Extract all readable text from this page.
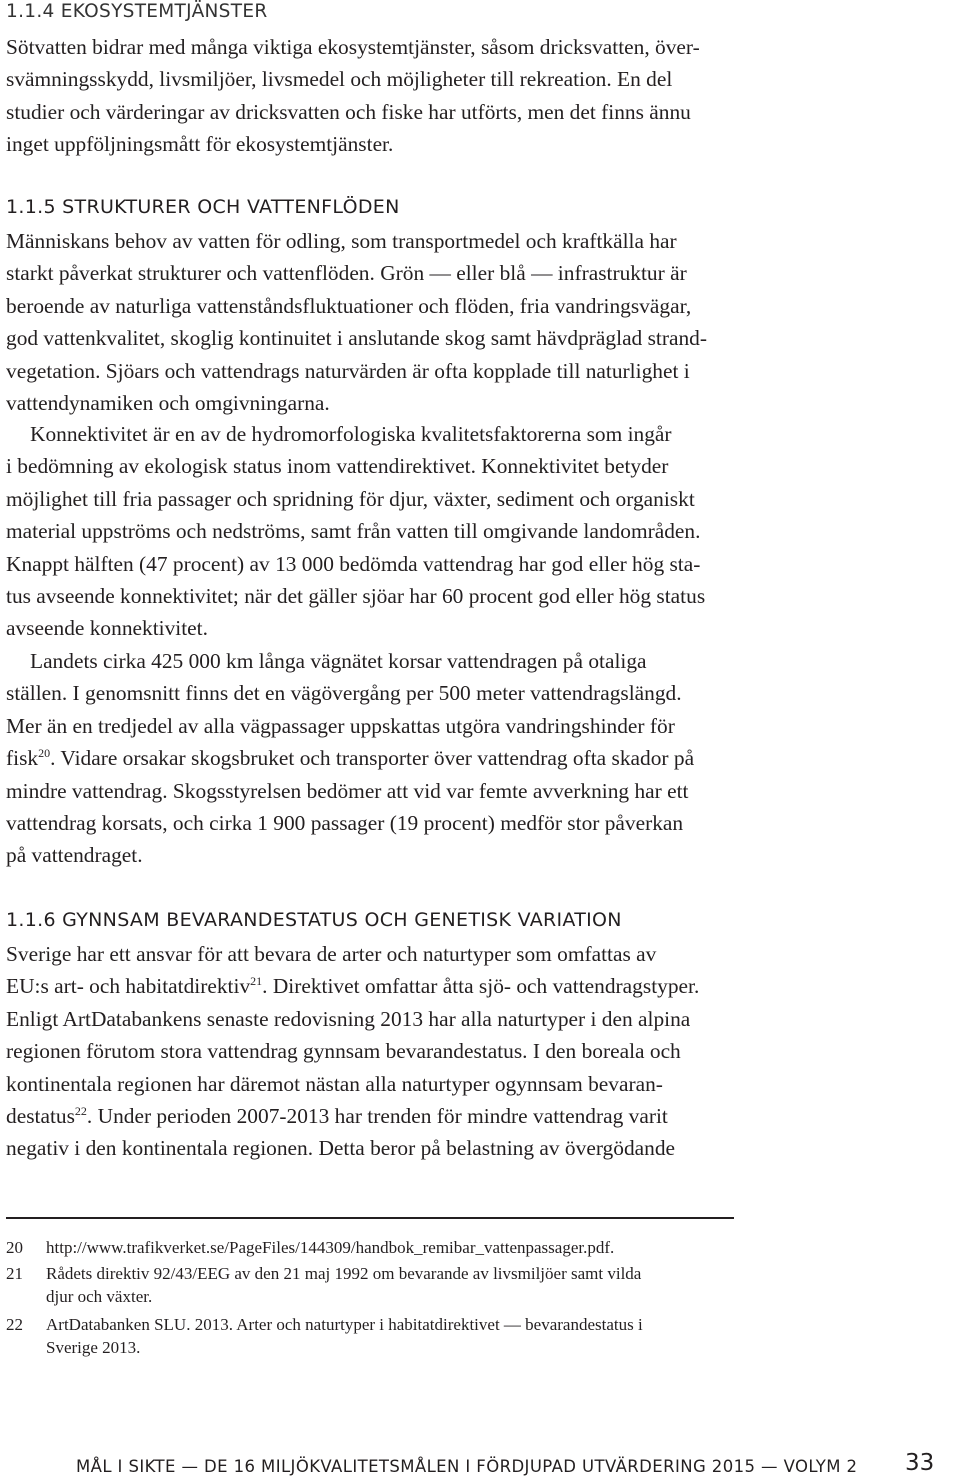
1.1.4 EKOSYSTEMTJÄNSTER
Sötvatten bidrar med många viktiga ekosystemtjänster, såsom dricksvatten, över-
svämningsskydd, livsmiljöer, livsmedel och möjligheter till rekreation. En del
studier och värderingar av dricksvatten och fiske har utförts, men det finns ännu
inget uppföljningsmått för ekosystemtjänster.
1.1.5 STRUKTURER OCH VATTENFLÖDEN
Människans behov av vatten för odling, som transportmedel och kraftkälla har
starkt påverkat strukturer och vattenflöden. Grön — eller blå — infrastruktur är
beroende av naturliga vattenståndsfluktuationer och flöden, fria vandringsvägar,
god vattenkvalitet, skoglig kontinuitet i anslutande skog samt hävdpräglad strand-
vegetation. Sjöars och vattendrags naturvärden är ofta kopplade till naturlighet i
vattendynamiken och omgivningarna.
Konnektivitet är en av de hydromorfologiska kvalitetsfaktorerna som ingår
i bedömning av ekologisk status inom vattendirektivet. Konnektivitet betyder
möjlighet till fria passager och spridning för djur, växter, sediment och organiskt
material uppströms och nedströms, samt från vatten till omgivande landområden.
Knappt hälften (47 procent) av 13 000 bedömda vattendrag har god eller hög sta-
tus avseende konnektivitet; när det gäller sjöar har 60 procent god eller hög status
avseende konnektivitet.
Landets cirka 425 000 km långa vägnätet korsar vattendragen på otaliga
ställen. I genomsnitt finns det en vägövergång per 500 meter vattendragslängd.
Mer än en tredjedel av alla vägpassager uppskattas utgöra vandringshinder för
fisk$^{20}$. Vidare orsakar skogsbruket och transporter över vattendrag ofta skador på
mindre vattendrag. Skogsstyrelsen bedömer att vid var femte avverkning har ett
vattendrag korsats, och cirka 1 900 passager (19 procent) medför stor påverkan
på vattendraget.
1.1.6 GYNNSAM BEVARANDESTATUS OCH GENETISK VARIATION
Sverige har ett ansvar för att bevara de arter och naturtyper som omfattas av
EU:s art- och habitatdirektiv$^{21}$. Direktivet omfattar åtta sjö- och vattendragstyper.
Enligt ArtDatabankens senaste redovisning 2013 har alla naturtyper i den alpina
regionen förutom stora vattendrag gynnsam bevarandestatus. I den boreala och
kontinentala regionen har däremot nästan alla naturtyper ogynnsam bevaran-
destatus$^{22}$. Under perioden 2007-2013 har trenden för mindre vattendrag varit
negativ i den kontinentala regionen. Detta beror på belastning av övergödande
20	http://www.trafikverket.se/PageFiles/144309/handbok_remibar_vattenpassager.pdf.
21	Rådets direktiv 92/43/EEG av den 21 maj 1992 om bevarande av livsmiljöer samt vilda
djur och växter.
22	ArtDatabanken SLU. 2013. Arter och naturtyper i habitatdirektivet — bevarandestatus i
Sverige 2013.
MÅL I SIKTE — DE 16 MILJÖKVALITETSMÅLEN I FÖRDJUPAD UTVÄRDERING 2015 — VOLYM 2 33
